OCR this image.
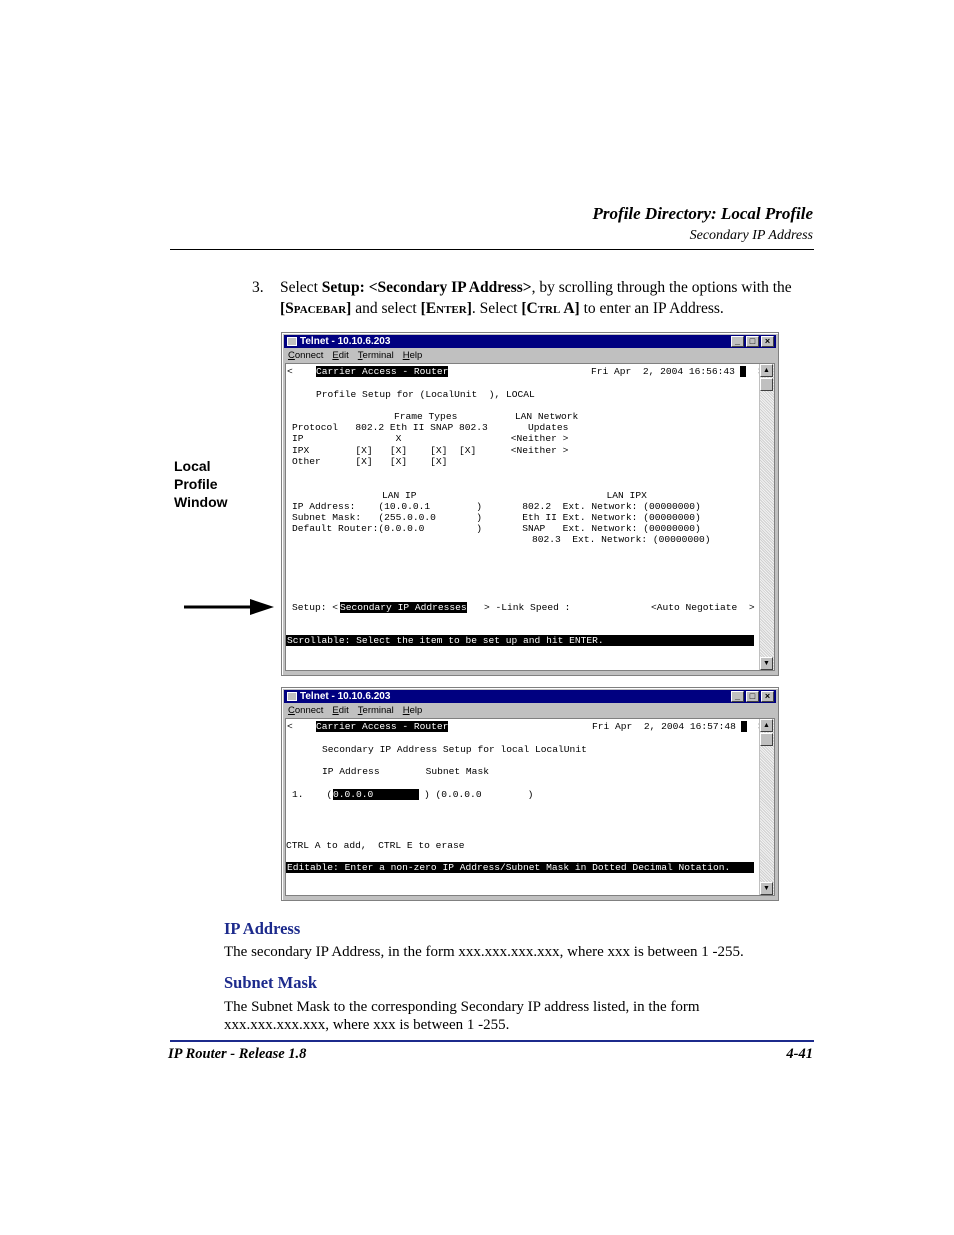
Profile Directory: Local Profile
Secondary IP Address
3. Select Setup: <Secondary IP Address>, by scrolling through the options with the [Spacebar] and select [Enter]. Select [Ctrl A] to enter an IP Address.
Local
Profile
Window
Telnet - 10.10.6.203	_	□	×
Connect Edit Terminal Help
< Carrier Access - Router	Fri Apr  2, 2004 16:56:43

Profile Setup for (LocalUnit  ), LOCAL
Frame Types          LAN Network
Protocol   802.2 Eth II SNAP 802.3       Updates
IP                X                   <Neither >
IPX        [X]   [X]    [X]  [X]      <Neither >
Other      [X]   [X]    [X]
LAN IP                                 LAN IPX
IP Address:    (10.0.0.1        )       802.2  Ext. Network: (00000000)
Subnet Mask:   (255.0.0.0       )       Eth II Ext. Network: (00000000)
Default Router:(0.0.0.0         )       SNAP   Ext. Network: (00000000)
802.3  Ext. Network: (00000000)
Setup: < Secondary IP Addresses > -Link Speed :              <Auto Negotiate  >
Scrollable: Select the item to be set up and hit ENTER.
▲
▼
Telnet - 10.10.6.203	_	□	×
Connect Edit Terminal Help
< Carrier Access - Router	Fri Apr  2, 2004 16:57:48

Secondary IP Address Setup for local LocalUnit
IP Address        Subnet Mask
1.    ( 0.0.0.0 ) (0.0.0.0        )
CTRL A to add,  CTRL E to erase
Editable: Enter a non-zero IP Address/Subnet Mask in Dotted Decimal Notation.
▲
▼
IP Address
The secondary IP Address, in the form xxx.xxx.xxx.xxx, where xxx is between 1 -255.
Subnet Mask
The Subnet Mask to the corresponding Secondary IP address listed, in the form
xxx.xxx.xxx.xxx, where xxx is between 1 -255.
IP Router - Release 1.8	4-41
